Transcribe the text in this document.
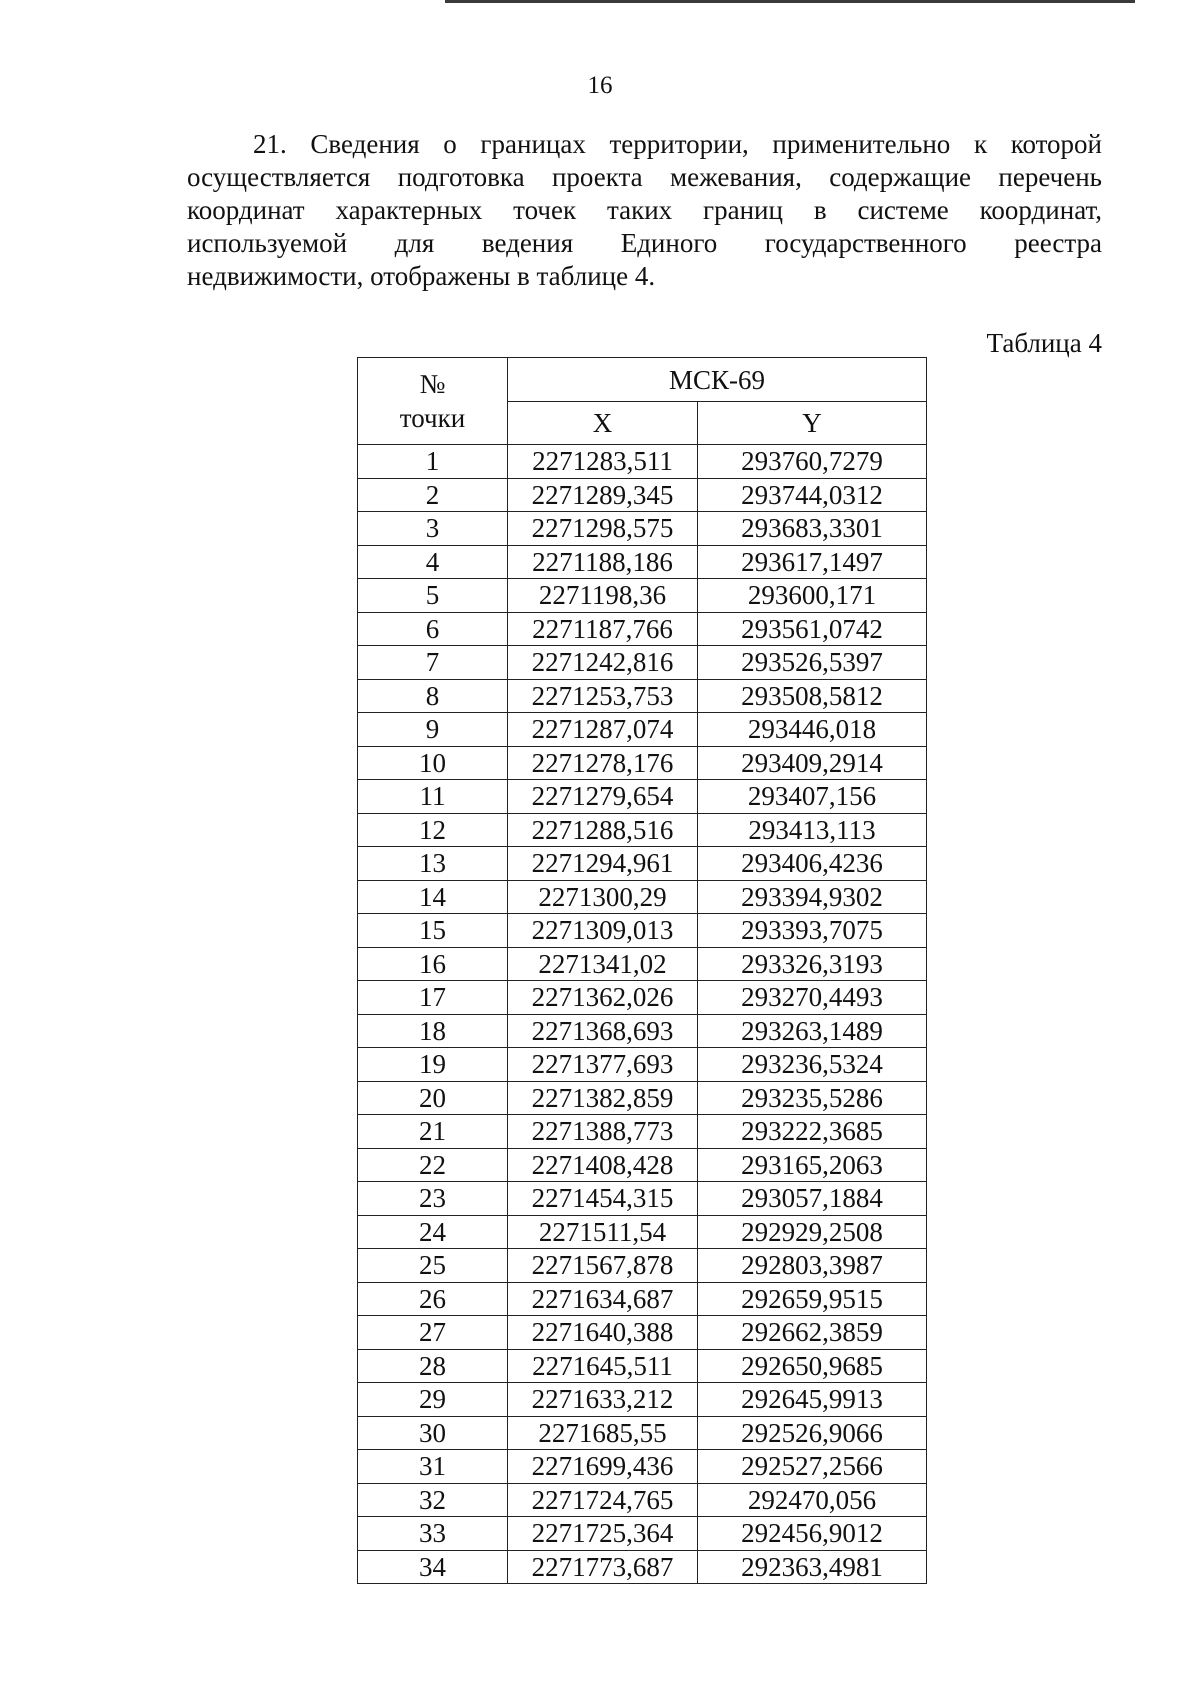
16

21. Сведения о границах территории, применительно к которой
осуществляется подготовка проекта межевания, содержащие перечень
координат характерных точек таких границ в системе координат,
используемой для ведения Единого государственного реестра
недвижимости, отображены в таблице 4.

Таблица 4
№
точки	МСК-69	
	X	Y
1	2271283,511	293760,7279
2	2271289,345	293744,0312
3	2271298,575	293683,3301
4	2271188,186	293617,1497
5	2271198,36	293600,171
6	2271187,766	293561,0742
7	2271242,816	293526,5397
8	2271253,753	293508,5812
9	2271287,074	293446,018
10	2271278,176	293409,2914
11	2271279,654	293407,156
12	2271288,516	293413,113
13	2271294,961	293406,4236
14	2271300,29	293394,9302
15	2271309,013	293393,7075
16	2271341,02	293326,3193
17	2271362,026	293270,4493
18	2271368,693	293263,1489
19	2271377,693	293236,5324
20	2271382,859	293235,5286
21	2271388,773	293222,3685
22	2271408,428	293165,2063
23	2271454,315	293057,1884
24	2271511,54	292929,2508
25	2271567,878	292803,3987
26	2271634,687	292659,9515
27	2271640,388	292662,3859
28	2271645,511	292650,9685
29	2271633,212	292645,9913
30	2271685,55	292526,9066
31	2271699,436	292527,2566
32	2271724,765	292470,056
33	2271725,364	292456,9012
34	2271773,687	292363,4981
